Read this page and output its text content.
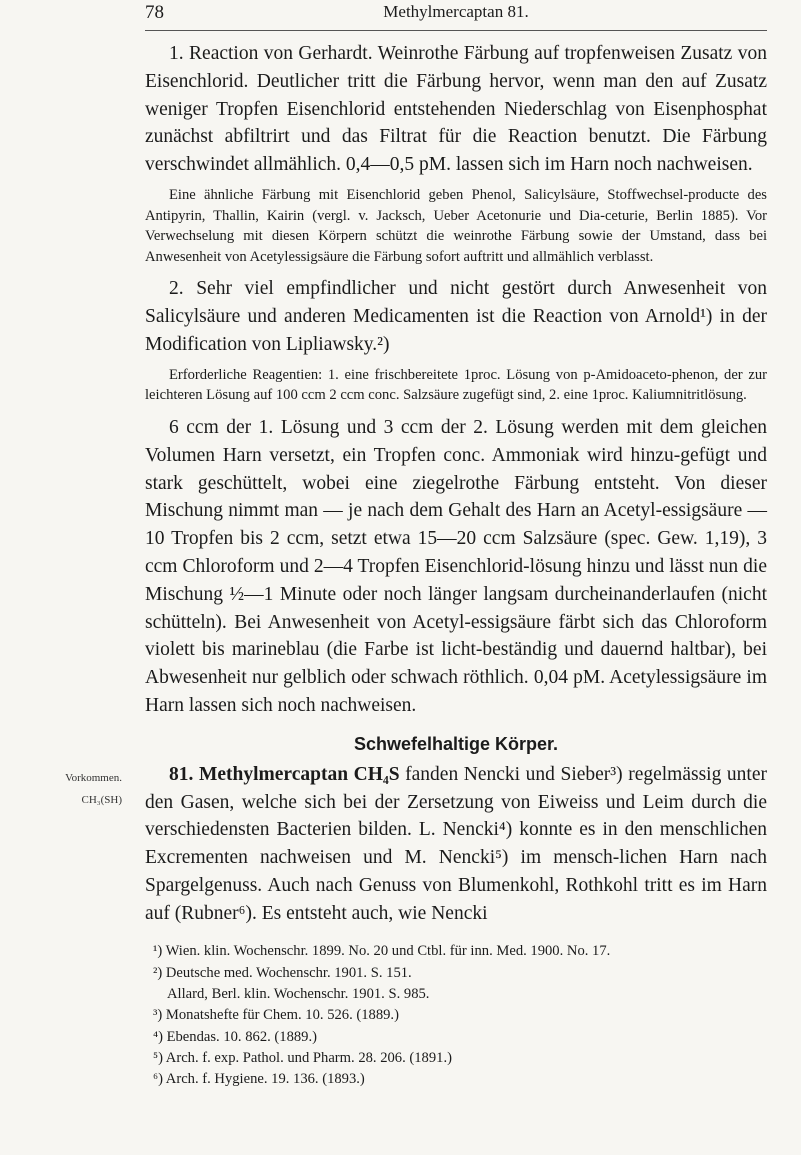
78	Methylmercaptan 81.

1. Reaction von Gerhardt. Weinrothe Färbung auf tropfenweisen Zusatz von Eisenchlorid. Deutlicher tritt die Färbung hervor, wenn man den auf Zusatz weniger Tropfen Eisenchlorid entstehenden Niederschlag von Eisenphosphat zunächst abfiltrirt und das Filtrat für die Reaction benutzt. Die Färbung verschwindet allmählich. 0,4—0,5 pM. lassen sich im Harn noch nachweisen.

Eine ähnliche Färbung mit Eisenchlorid geben Phenol, Salicylsäure, Stoffwechsel-producte des Antipyrin, Thallin, Kairin (vergl. v. Jacksch, Ueber Acetonurie und Dia-ceturie, Berlin 1885). Vor Verwechselung mit diesen Körpern schützt die weinrothe Färbung sowie der Umstand, dass bei Anwesenheit von Acetylessigsäure die Färbung sofort auftritt und allmählich verblasst.

2. Sehr viel empfindlicher und nicht gestört durch Anwesenheit von Salicylsäure und anderen Medicamenten ist die Reaction von Arnold¹) in der Modification von Lipliawsky.²)

Erforderliche Reagentien: 1. eine frischbereitete 1proc. Lösung von p-Amidoaceto-phenon, der zur leichteren Lösung auf 100 ccm 2 ccm conc. Salzsäure zugefügt sind, 2. eine 1proc. Kaliumnitritlösung.

6 ccm der 1. Lösung und 3 ccm der 2. Lösung werden mit dem gleichen Volumen Harn versetzt, ein Tropfen conc. Ammoniak wird hinzu-gefügt und stark geschüttelt, wobei eine ziegelrothe Färbung entsteht. Von dieser Mischung nimmt man — je nach dem Gehalt des Harn an Acetyl-essigsäure — 10 Tropfen bis 2 ccm, setzt etwa 15—20 ccm Salzsäure (spec. Gew. 1,19), 3 ccm Chloroform und 2—4 Tropfen Eisenchlorid-lösung hinzu und lässt nun die Mischung ½—1 Minute oder noch länger langsam durcheinanderlaufen (nicht schütteln). Bei Anwesenheit von Acetyl-essigsäure färbt sich das Chloroform violett bis marineblau (die Farbe ist licht-beständig und dauernd haltbar), bei Abwesenheit nur gelblich oder schwach röthlich. 0,04 pM. Acetylessigsäure im Harn lassen sich noch nachweisen.

Schwefelhaltige Körper.
Vorkommen.
CH₃(SH)

81. Methylmercaptan CH₄S fanden Nencki und Sieber³) regelmässig unter den Gasen, welche sich bei der Zersetzung von Eiweiss und Leim durch die verschiedensten Bacterien bilden. L. Nencki⁴) konnte es in den menschlichen Excrementen nachweisen und M. Nencki⁵) im mensch-lichen Harn nach Spargelgenuss. Auch nach Genuss von Blumenkohl, Rothkohl tritt es im Harn auf (Rubner⁶). Es entsteht auch, wie Nencki

¹) Wien. klin. Wochenschr. 1899. No. 20 und Ctbl. für inn. Med. 1900. No. 17.
²) Deutsche med. Wochenschr. 1901. S. 151.
Allard, Berl. klin. Wochenschr. 1901. S. 985.
³) Monatshefte für Chem. 10. 526. (1889.)
⁴) Ebendas. 10. 862. (1889.)
⁵) Arch. f. exp. Pathol. und Pharm. 28. 206. (1891.)
⁶) Arch. f. Hygiene. 19. 136. (1893.)
